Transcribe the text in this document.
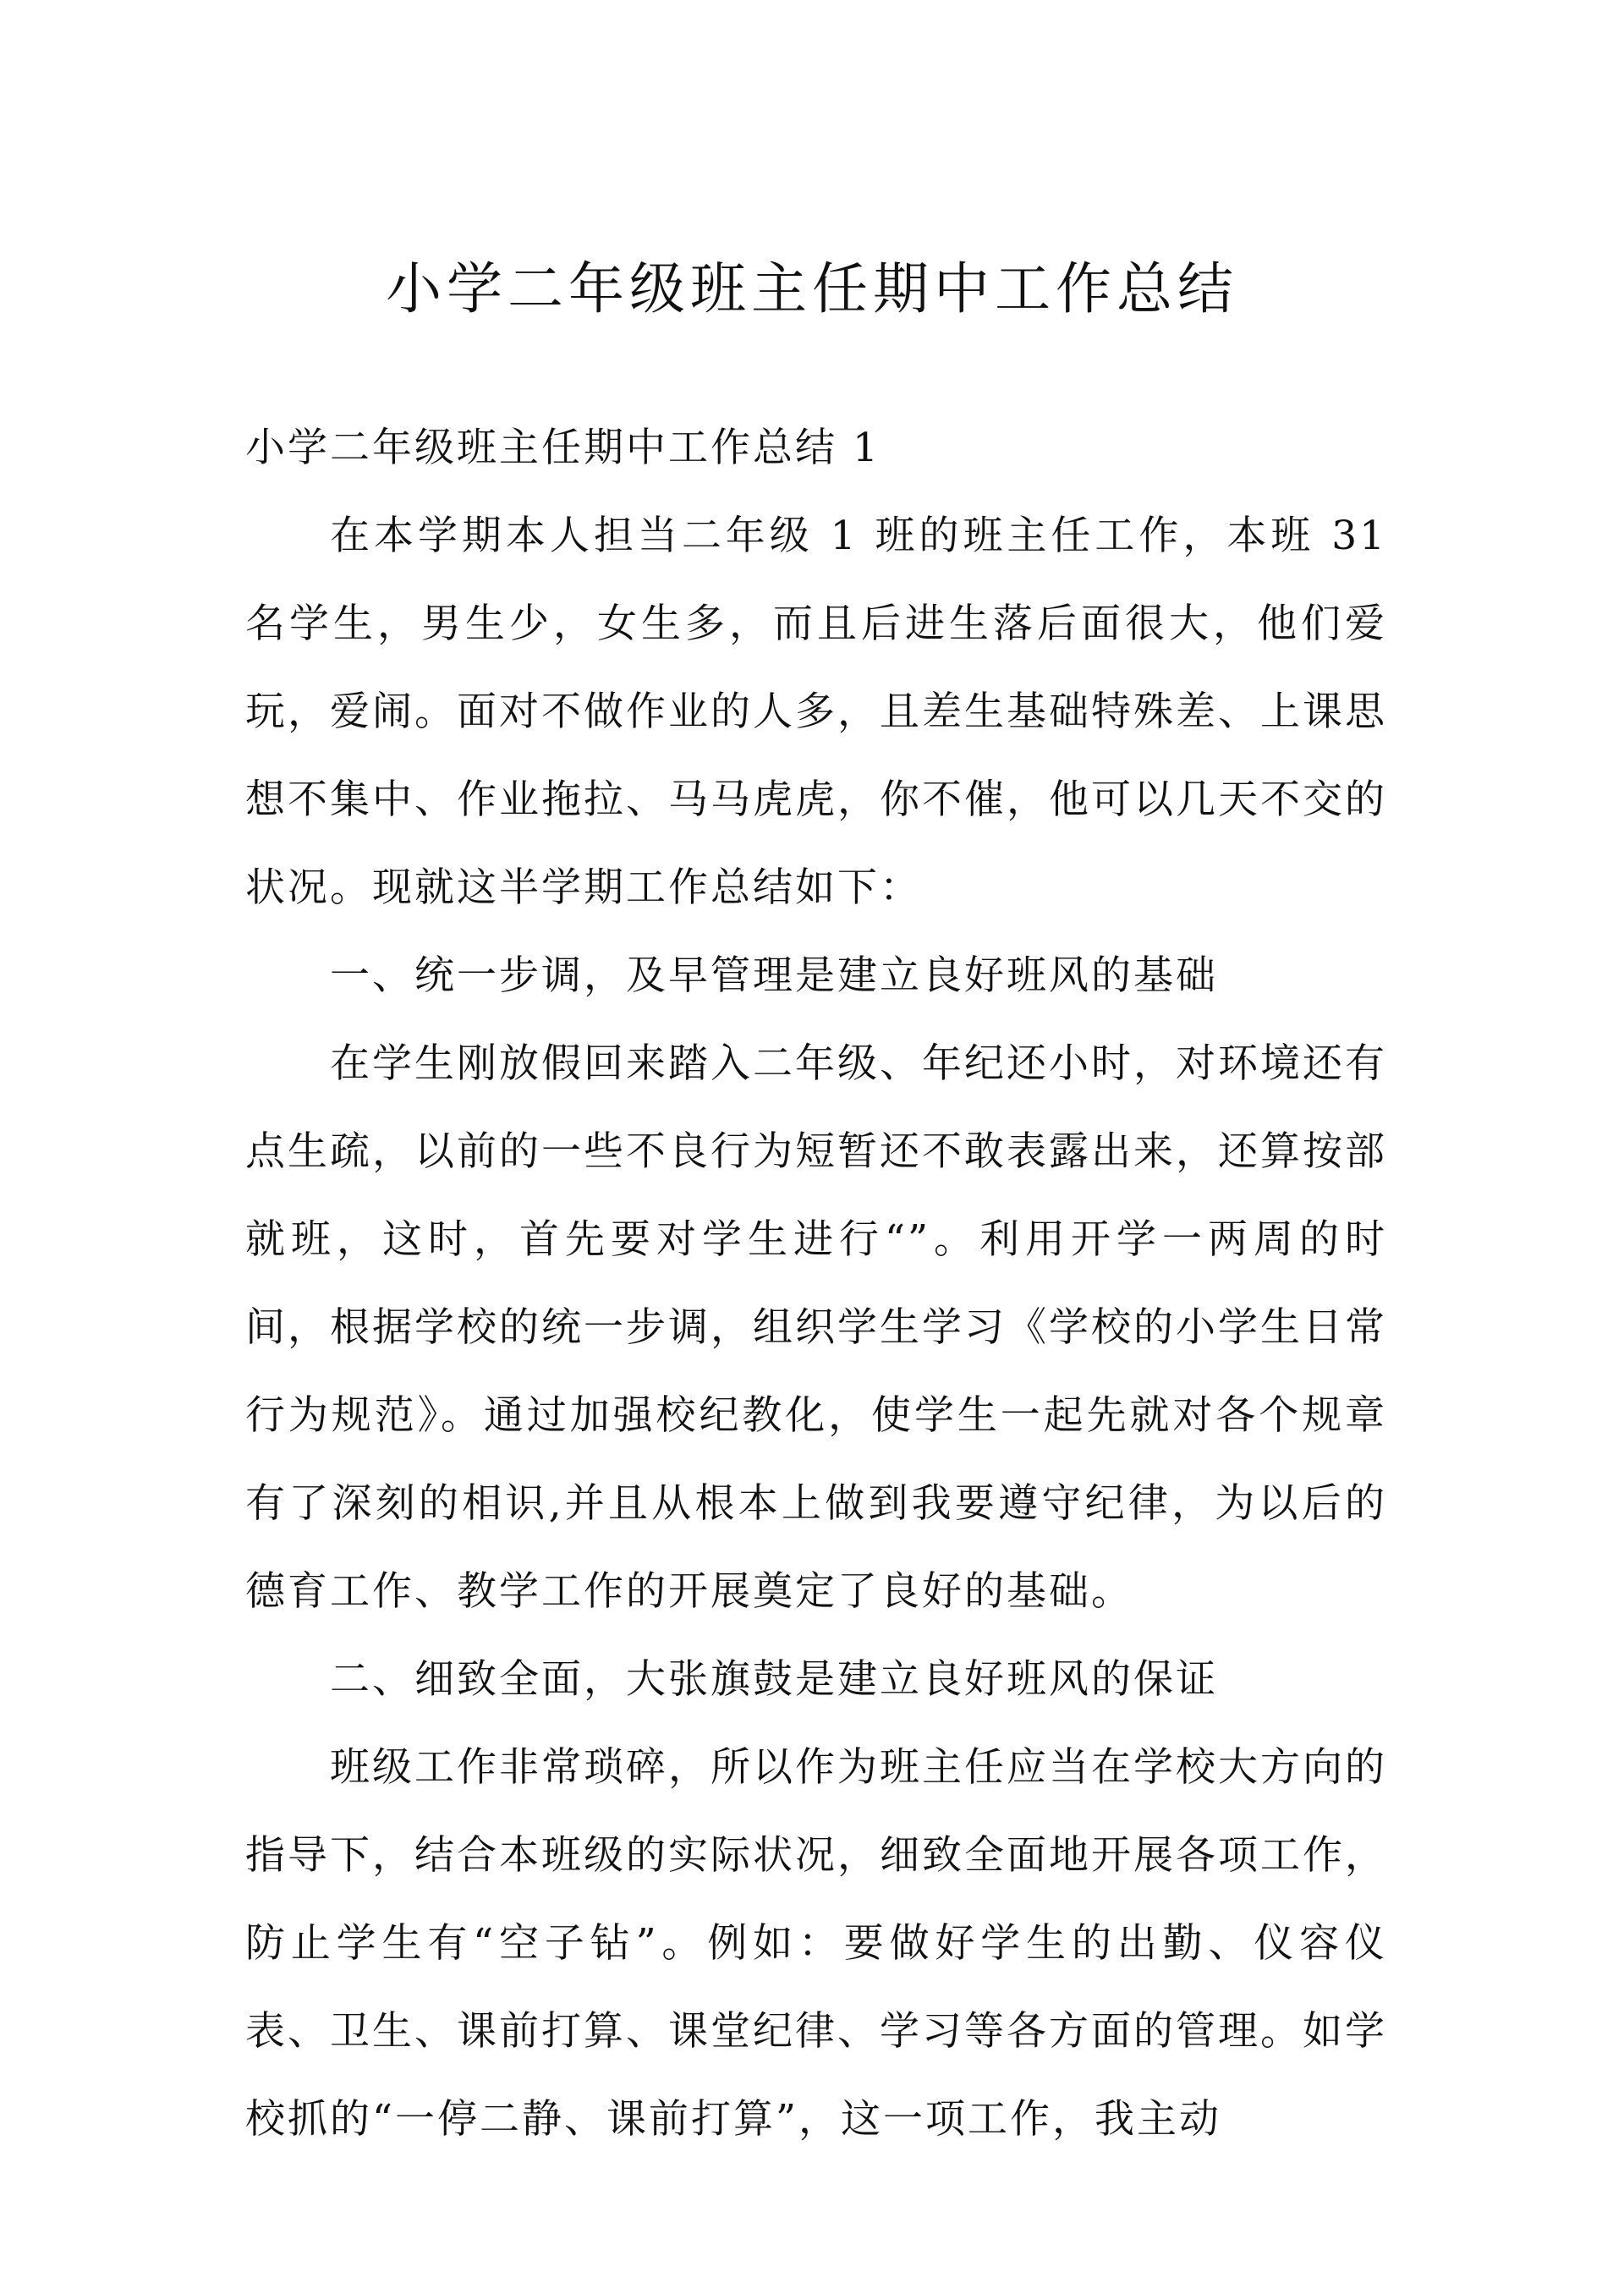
小学二年级班主任期中工作总结

小学二年级班主任期中工作总结 1

在本学期本人担当二年级 1 班的班主任工作，本班 31 名学生，男生少，女生多，而且后进生落后面很大，他们爱玩，爱闹。面对不做作业的人多，且差生基础特殊差、上课思想不集中、作业拖拉、马马虎虎，你不催，他可以几天不交的状况。现就这半学期工作总结如下：

一、统一步调，及早管理是建立良好班风的基础

在学生刚放假回来踏入二年级、年纪还小时，对环境还有点生疏，以前的一些不良行为短暂还不敢表露出来，还算按部就班，这时，首先要对学生进行“”。利用开学一两周的时间，根据学校的统一步调，组织学生学习《学校的小学生日常行为规范》。通过加强校纪教化，使学生一起先就对各个规章有了深刻的相识,并且从根本上做到我要遵守纪律，为以后的德育工作、教学工作的开展奠定了良好的基础。

二、细致全面，大张旗鼓是建立良好班风的保证

班级工作非常琐碎，所以作为班主任应当在学校大方向的指导下，结合本班级的实际状况，细致全面地开展各项工作，防止学生有“空子钻”。例如：要做好学生的出勤、仪容仪表、卫生、课前打算、课堂纪律、学习等各方面的管理。如学校抓的“一停二静、课前打算”，这一项工作，我主动
